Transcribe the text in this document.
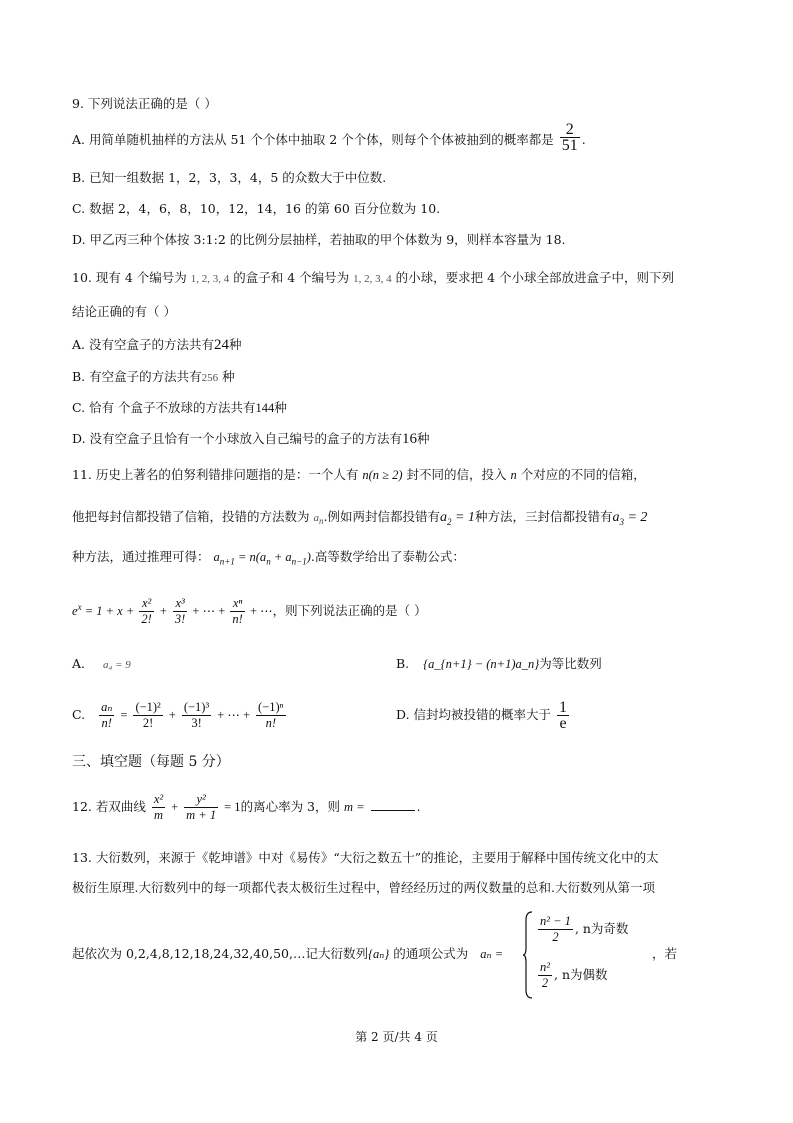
9. 下列说法正确的是（ ）
A. 用简单随机抽样的方法从 51 个个体中抽取 2 个个体，则每个个体被抽到的概率都是 $\frac{2}{51}$ .
B. 已知一组数据 1，2，3，3，4，5 的众数大于中位数.
C. 数据 2，4，6，8，10，12，14，16 的第 60 百分位数为 10.
D. 甲乙丙三种个体按 3:1:2 的比例分层抽样，若抽取的甲个体数为 9，则样本容量为 18.
10. 现有 4 个编号为 1, 2, 3, 4 的盒子和 4 个编号为 1, 2, 3, 4 的小球，要求把 4 个小球全部放进盒子中，则下列
结论正确的有（ ）
A. 没有空盒子的方法共有24种
B. 有空盒子的方法共有256 种
C. 恰有 个盒子不放球的方法共有144种
D. 没有空盒子且恰有一个小球放入自己编号的盒子的方法有16种
11. 历史上著名的伯努利错排问题指的是：一个人有 n(n ≥ 2) 封不同的信，投入 n 个对应的不同的信箱，
他把每封信都投错了信箱，投错的方法数为 $a_n$.例如两封信都投错有$a_2 = 1$种方法，三封信都投错有$a_3 = 2$
种方法，通过推理可得： $a_{n+1} = n(a_n + a_{n-1})$.高等数学给出了泰勒公式：
$e^x = 1 + x + \frac{\text{x²}}{2!} + \frac{\text{x³}}{3!}$ + ⋯ + $\frac{\text{xⁿ}}{n!}$ + ⋯，则下列说法正确的是（ ）
A. a₄ = 9	B. {a_{n+1} − (n+1)a_n}为等比数列
C. $\frac{\text{aₙ}}{n!} = \frac{\text{(−1)²}}{2!} + \frac{\text{(−1)³}}{3!}$ + ⋯ + $\frac{\text{(−1)ⁿ}}{n!}$	D. 信封均被投错的概率大于 $\frac{1}{e}$
三、填空题（每题 5 分）
12. 若双曲线 $\frac{\text{x²}}{m} + \frac{\text{y²}}{m + 1} = 1$的离心率为 3，则 m =	.
13. 大衍数列，来源于《乾坤谱》中对《易传》“大衍之数五十”的推论，主要用于解释中国传统文化中的太
极衍生原理.大衍数列中的每一项都代表太极衍生过程中，曾经经历过的两仪数量的总和.大衍数列从第一项
起依次为 0,2,4,8,12,18,24,32,40,50,…记大衍数列{aₙ} 的通项公式为 aₙ =
$\frac{\text{n² − 1}}{2}$ , n为奇数
$\frac{\text{n²}}{2}$ , n为偶数
，若
第 2 页/共 4 页
